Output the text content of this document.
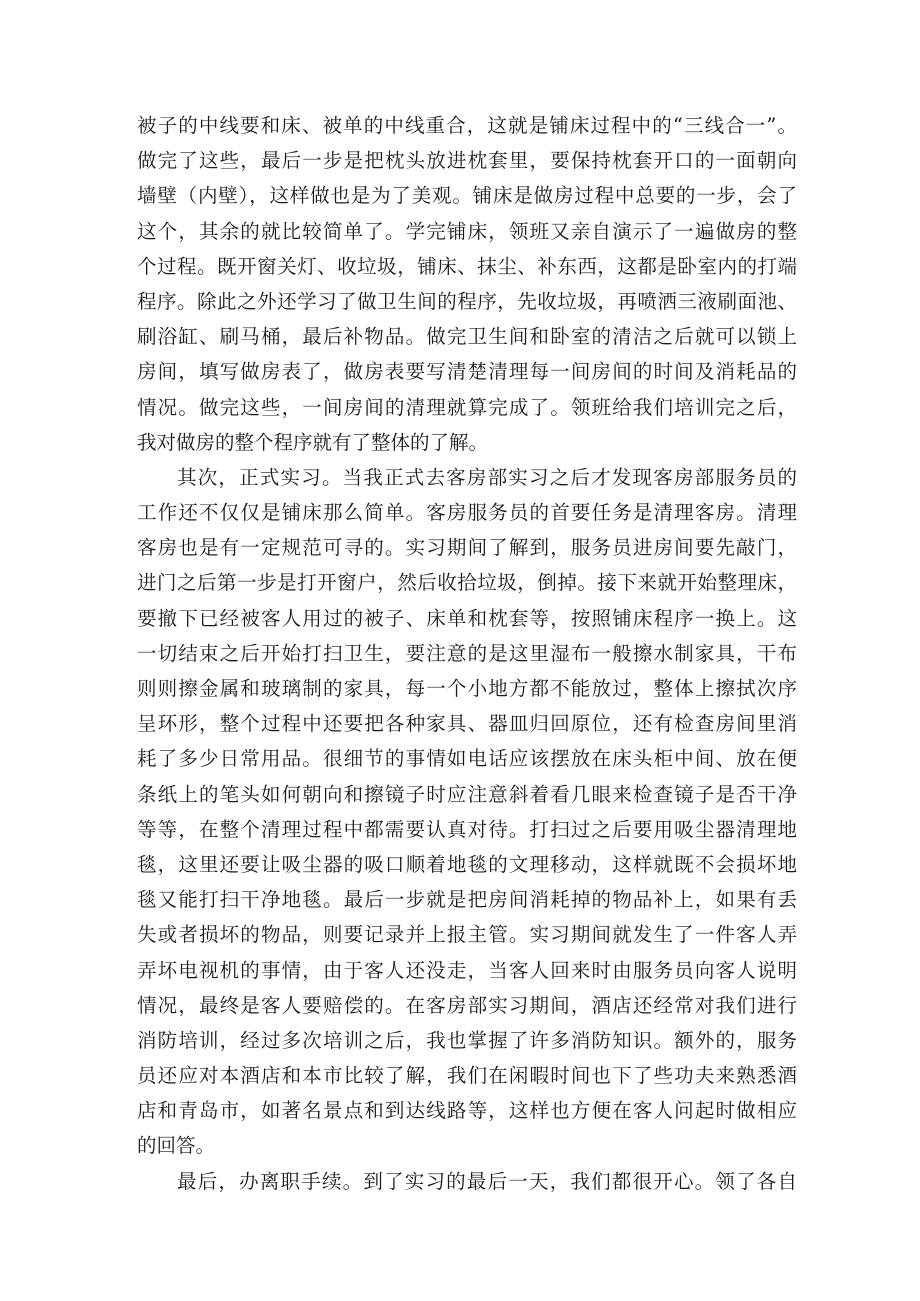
被子的中线要和床、被单的中线重合，这就是铺床过程中的“三线合一”。
做完了这些，最后一步是把枕头放进枕套里，要保持枕套开口的一面朝向
墙壁（内壁），这样做也是为了美观。铺床是做房过程中总要的一步，会了
这个，其余的就比较简单了。学完铺床，领班又亲自演示了一遍做房的整
个过程。既开窗关灯、收垃圾，铺床、抹尘、补东西，这都是卧室内的打端
程序。除此之外还学习了做卫生间的程序，先收垃圾，再喷洒三液刷面池、
刷浴缸、刷马桶，最后补物品。做完卫生间和卧室的清洁之后就可以锁上
房间，填写做房表了，做房表要写清楚清理每一间房间的时间及消耗品的
情况。做完这些，一间房间的清理就算完成了。领班给我们培训完之后，
我对做房的整个程序就有了整体的了解。
其次，正式实习。当我正式去客房部实习之后才发现客房部服务员的
工作还不仅仅是铺床那么简单。客房服务员的首要任务是清理客房。清理
客房也是有一定规范可寻的。实习期间了解到，服务员进房间要先敲门，
进门之后第一步是打开窗户，然后收拾垃圾，倒掉。接下来就开始整理床，
要撤下已经被客人用过的被子、床单和枕套等，按照铺床程序一换上。这
一切结束之后开始打扫卫生，要注意的是这里湿布一般擦水制家具，干布
则则擦金属和玻璃制的家具，每一个小地方都不能放过，整体上擦拭次序
呈环形，整个过程中还要把各种家具、器皿归回原位，还有检查房间里消
耗了多少日常用品。很细节的事情如电话应该摆放在床头柜中间、放在便
条纸上的笔头如何朝向和擦镜子时应注意斜着看几眼来检查镜子是否干净
等等，在整个清理过程中都需要认真对待。打扫过之后要用吸尘器清理地
毯，这里还要让吸尘器的吸口顺着地毯的文理移动，这样就既不会损坏地
毯又能打扫干净地毯。最后一步就是把房间消耗掉的物品补上，如果有丢
失或者损坏的物品，则要记录并上报主管。实习期间就发生了一件客人弄
弄坏电视机的事情，由于客人还没走，当客人回来时由服务员向客人说明
情况，最终是客人要赔偿的。在客房部实习期间，酒店还经常对我们进行
消防培训，经过多次培训之后，我也掌握了许多消防知识。额外的，服务
员还应对本酒店和本市比较了解，我们在闲暇时间也下了些功夫来熟悉酒
店和青岛市，如著名景点和到达线路等，这样也方便在客人问起时做相应
的回答。
最后，办离职手续。到了实习的最后一天，我们都很开心。领了各自
